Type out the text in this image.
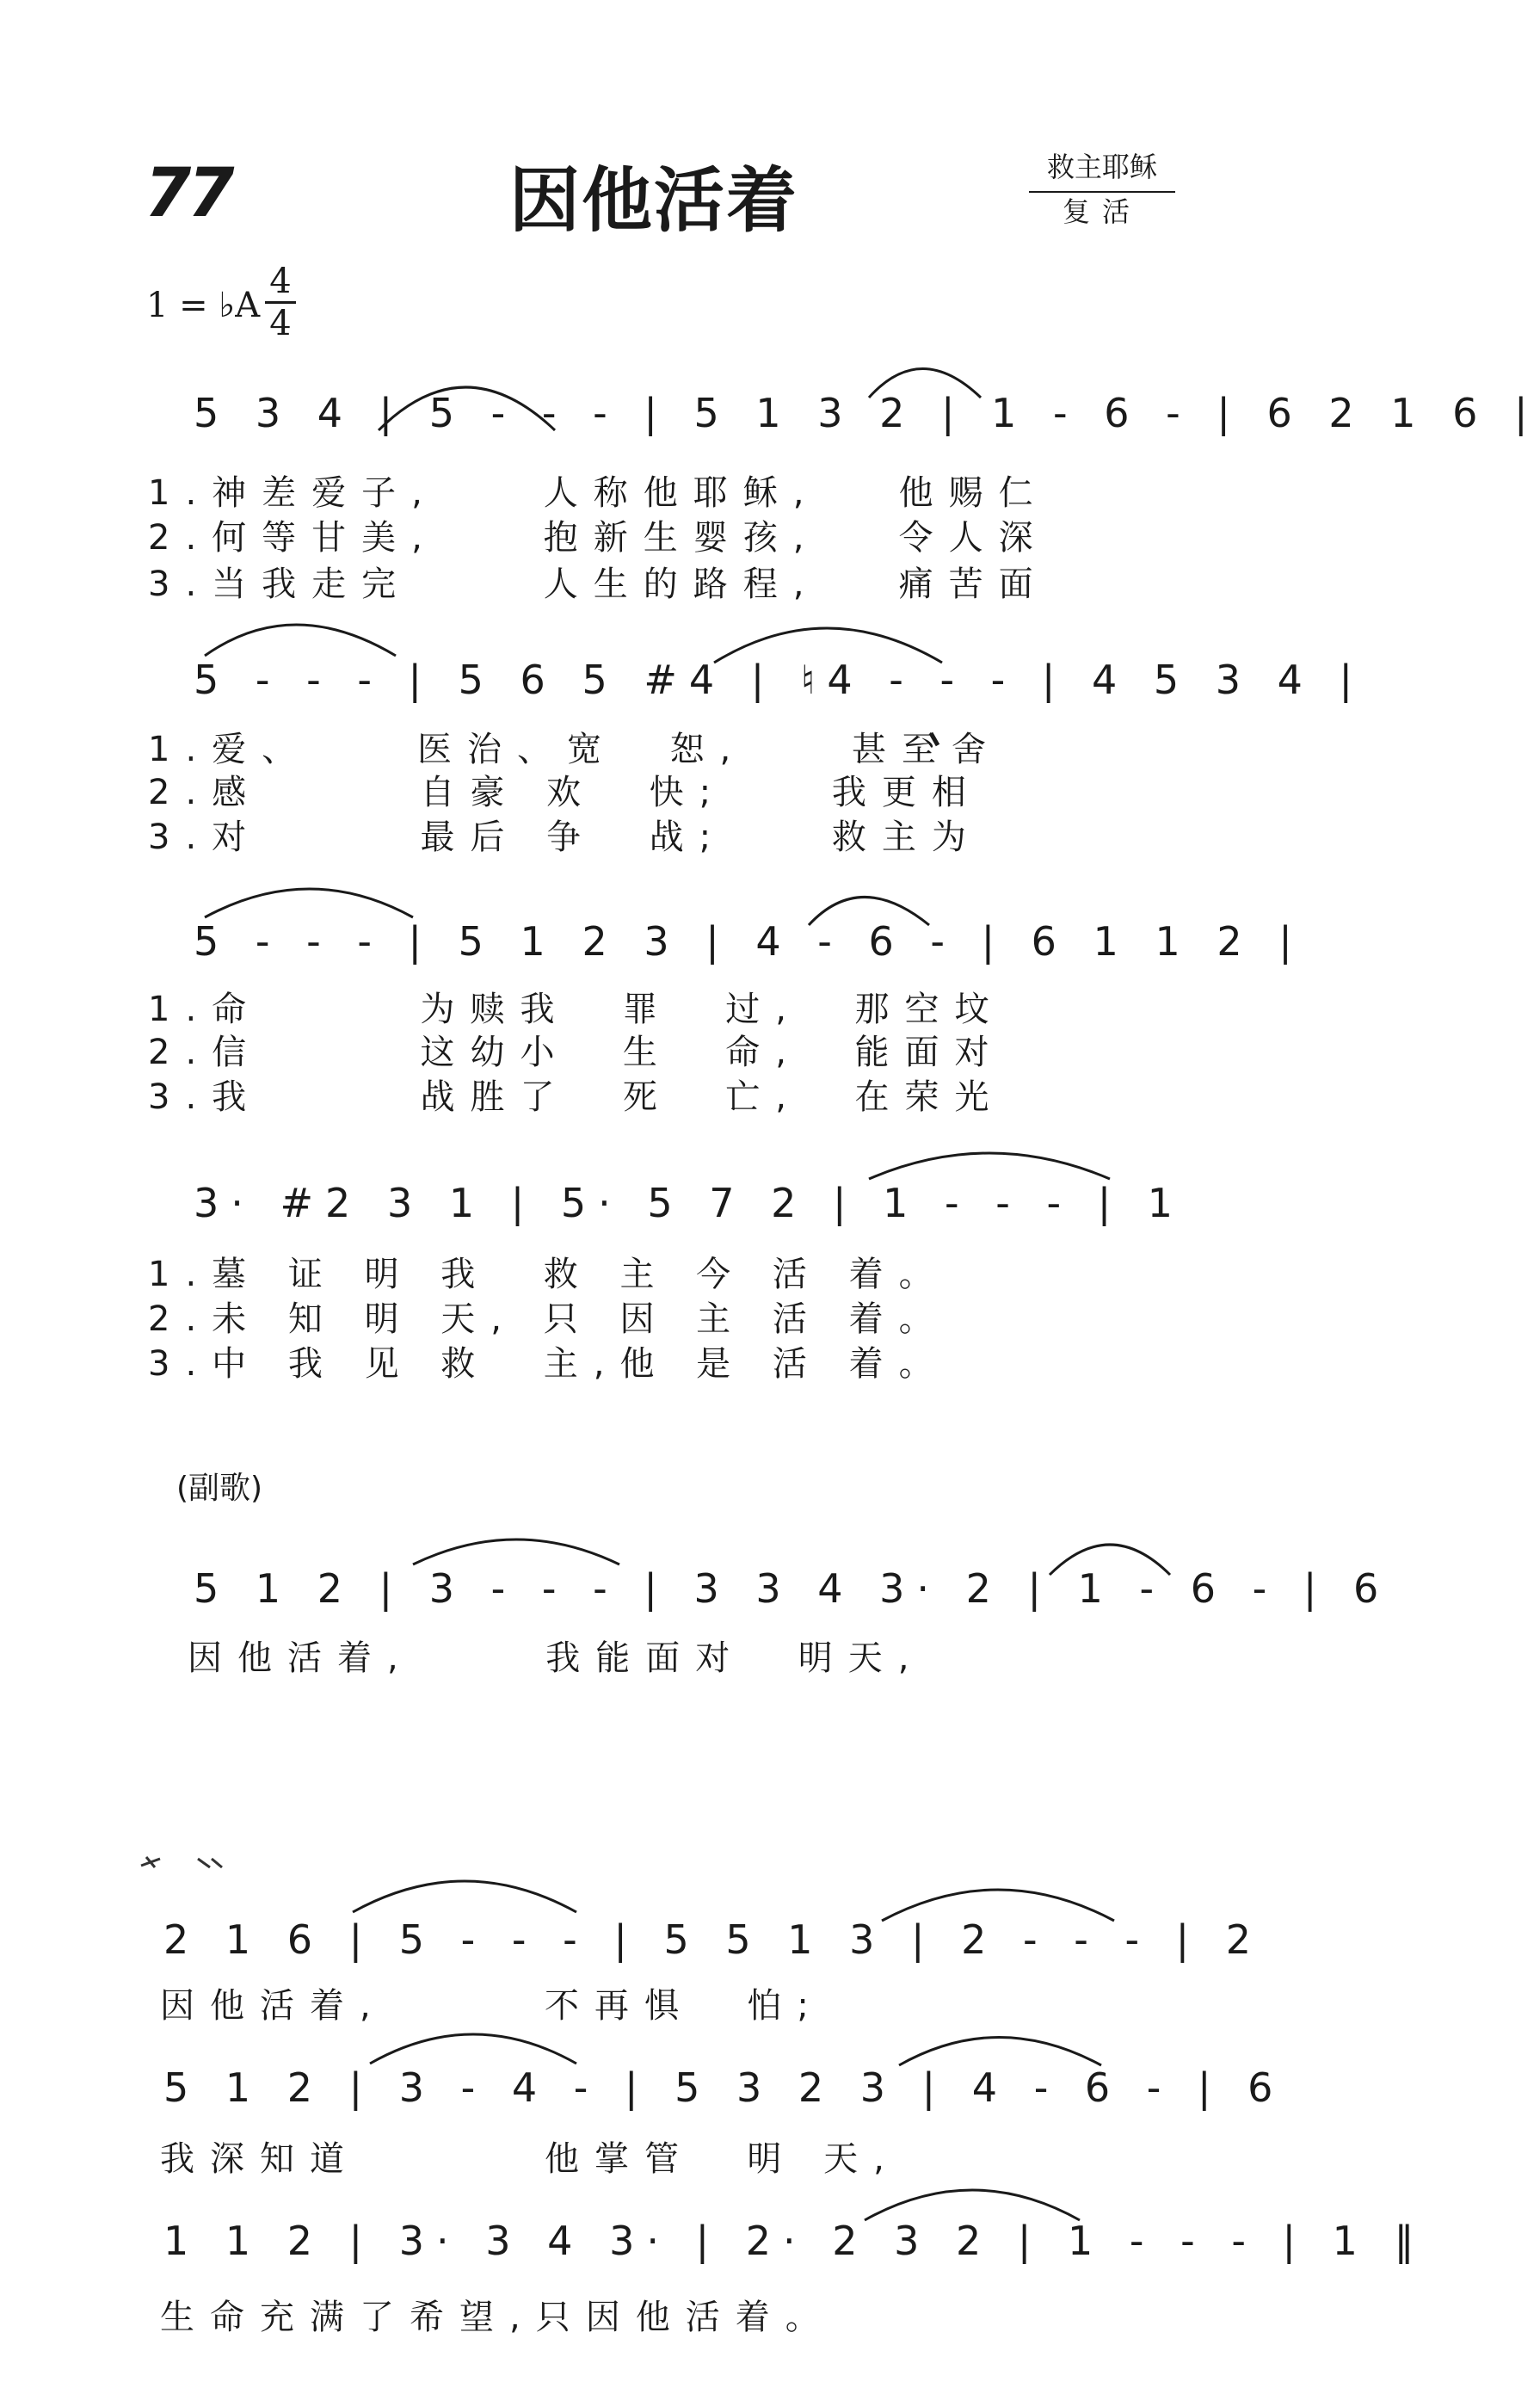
77	因他活着	救主耶稣
复活
1 = ♭A
4
4
5 3 4 | 5 - - - | 5 1 3 2 | 1 - 6 - | 6 2 1 6 |
1.神差爱子,    人称他耶稣,   他赐仁
2.何等甘美,    抱新生婴孩,   令人深
3.当我走完     人生的路程,   痛苦面
5 - - - | 5 6 5 #4 | ♮4 - - - | 4 5 3 4 |
1.爱、    医治、宽  恕,    甚至舍
2.感      自豪 欢  快;    我更相
3.对      最后 争  战;    救主为
5 - - - | 5 1 2 3 | 4 - 6 - | 6 1 1 2 |
1.命      为赎我  罪  过,  那空坟
2.信      这幼小  生  命,  能面对
3.我      战胜了  死  亡,  在荣光
3· #2 3 1 | 5· 5 7 2 | 1 - - - | 1
1.墓 证 明 我  救 主 今 活 着。
2.未 知 明 天, 只 因 主 活 着。
3.中 我 见 救  主,他 是 活 着。
(副歌)
5 1 2 | 3 - - - | 3 3 4 3· 2 | 1 - 6 - | 6
因他活着,     我能面对  明天,
2 1 6 | 5 - - - | 5 5 1 3 | 2 - - - | 2
因他活着,      不再惧  怕;
5 1 2 | 3 - 4 - | 5 3 2 3 | 4 - 6 - | 6
我深知道       他掌管  明 天,
1 1 2 | 3· 3 4 3· | 2· 2 3 2 | 1 - - - | 1 ‖
生命充满了希望,只因他活着。
